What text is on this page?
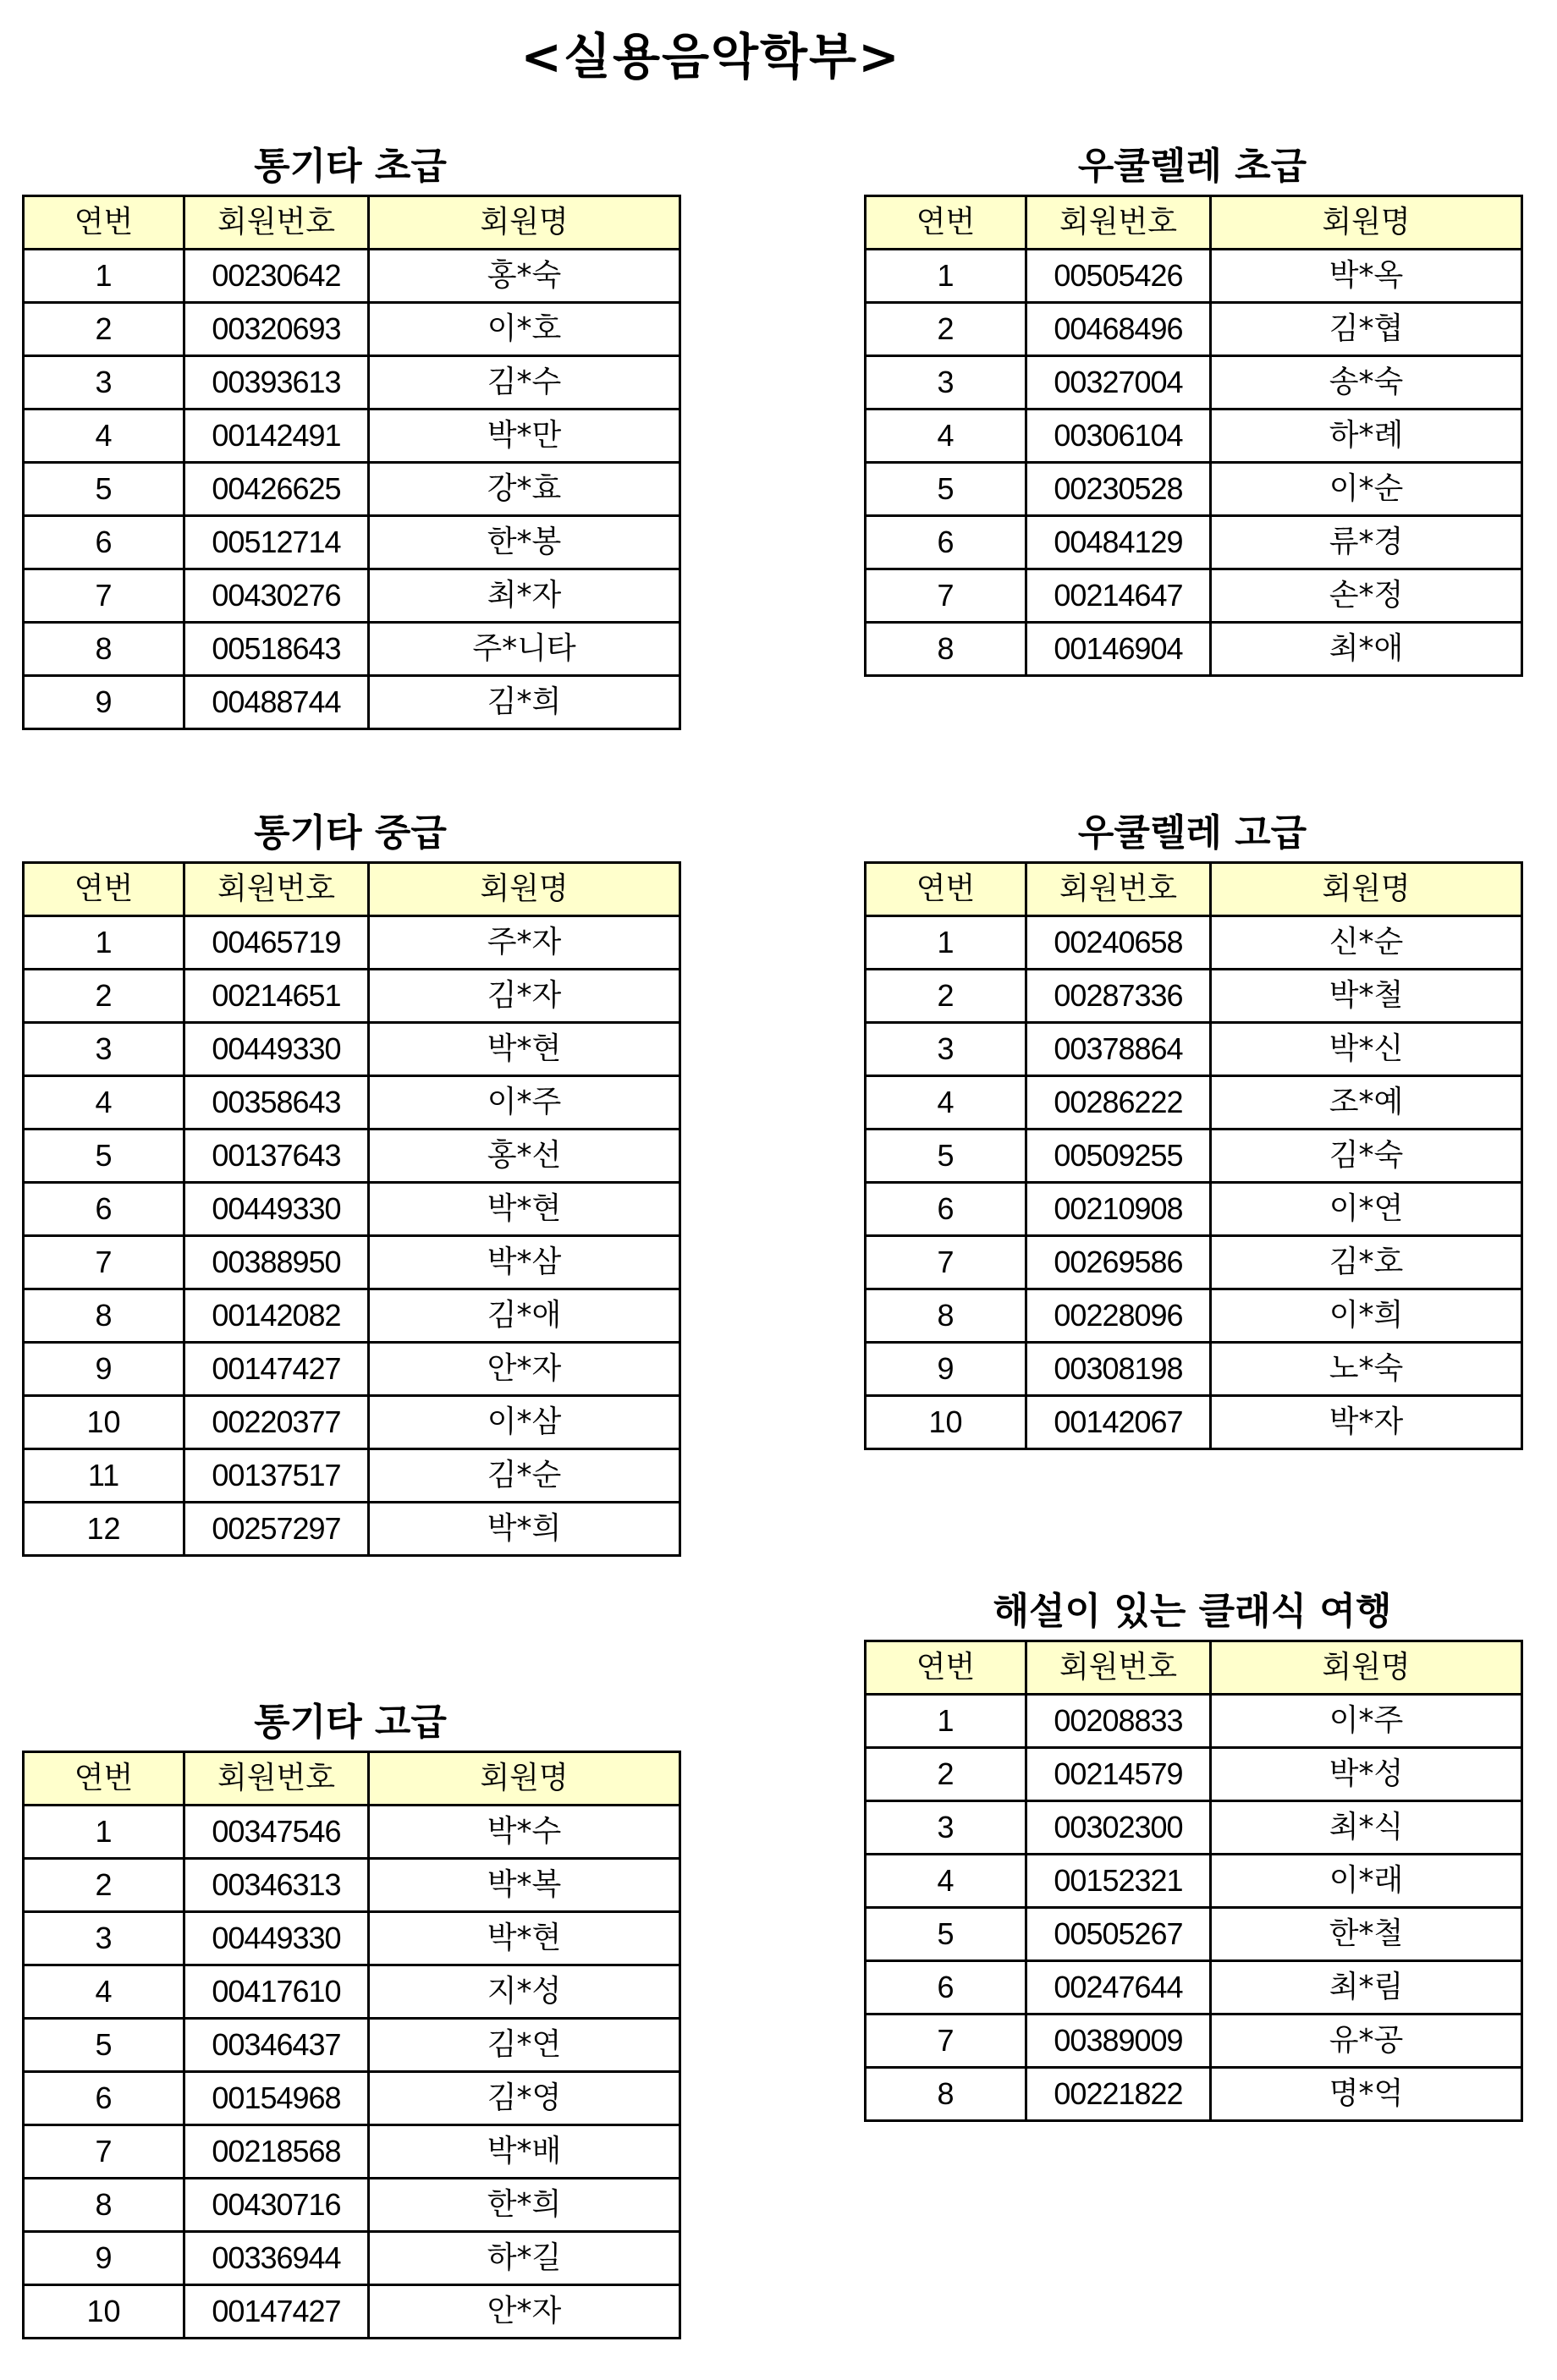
<실용음악학부>
통기타 초급
연번	회원번호	회원명
1	00230642	홍*숙
2	00320693	이*호
3	00393613	김*수
4	00142491	박*만
5	00426625	강*효
6	00512714	한*봉
7	00430276	최*자
8	00518643	주*니타
9	00488744	김*희
우쿨렐레 초급
연번	회원번호	회원명
1	00505426	박*옥
2	00468496	김*협
3	00327004	송*숙
4	00306104	하*례
5	00230528	이*순
6	00484129	류*경
7	00214647	손*정
8	00146904	최*애
통기타 중급
연번	회원번호	회원명
1	00465719	주*자
2	00214651	김*자
3	00449330	박*현
4	00358643	이*주
5	00137643	홍*선
6	00449330	박*현
7	00388950	박*삼
8	00142082	김*애
9	00147427	안*자
10	00220377	이*삼
11	00137517	김*순
12	00257297	박*희
우쿨렐레 고급
연번	회원번호	회원명
1	00240658	신*순
2	00287336	박*철
3	00378864	박*신
4	00286222	조*예
5	00509255	김*숙
6	00210908	이*연
7	00269586	김*호
8	00228096	이*희
9	00308198	노*숙
10	00142067	박*자
해설이 있는 클래식 여행
연번	회원번호	회원명
1	00208833	이*주
2	00214579	박*성
3	00302300	최*식
4	00152321	이*래
5	00505267	한*철
6	00247644	최*림
7	00389009	유*공
8	00221822	명*억
통기타 고급
연번	회원번호	회원명
1	00347546	박*수
2	00346313	박*복
3	00449330	박*현
4	00417610	지*성
5	00346437	김*연
6	00154968	김*영
7	00218568	박*배
8	00430716	한*희
9	00336944	하*길
10	00147427	안*자
